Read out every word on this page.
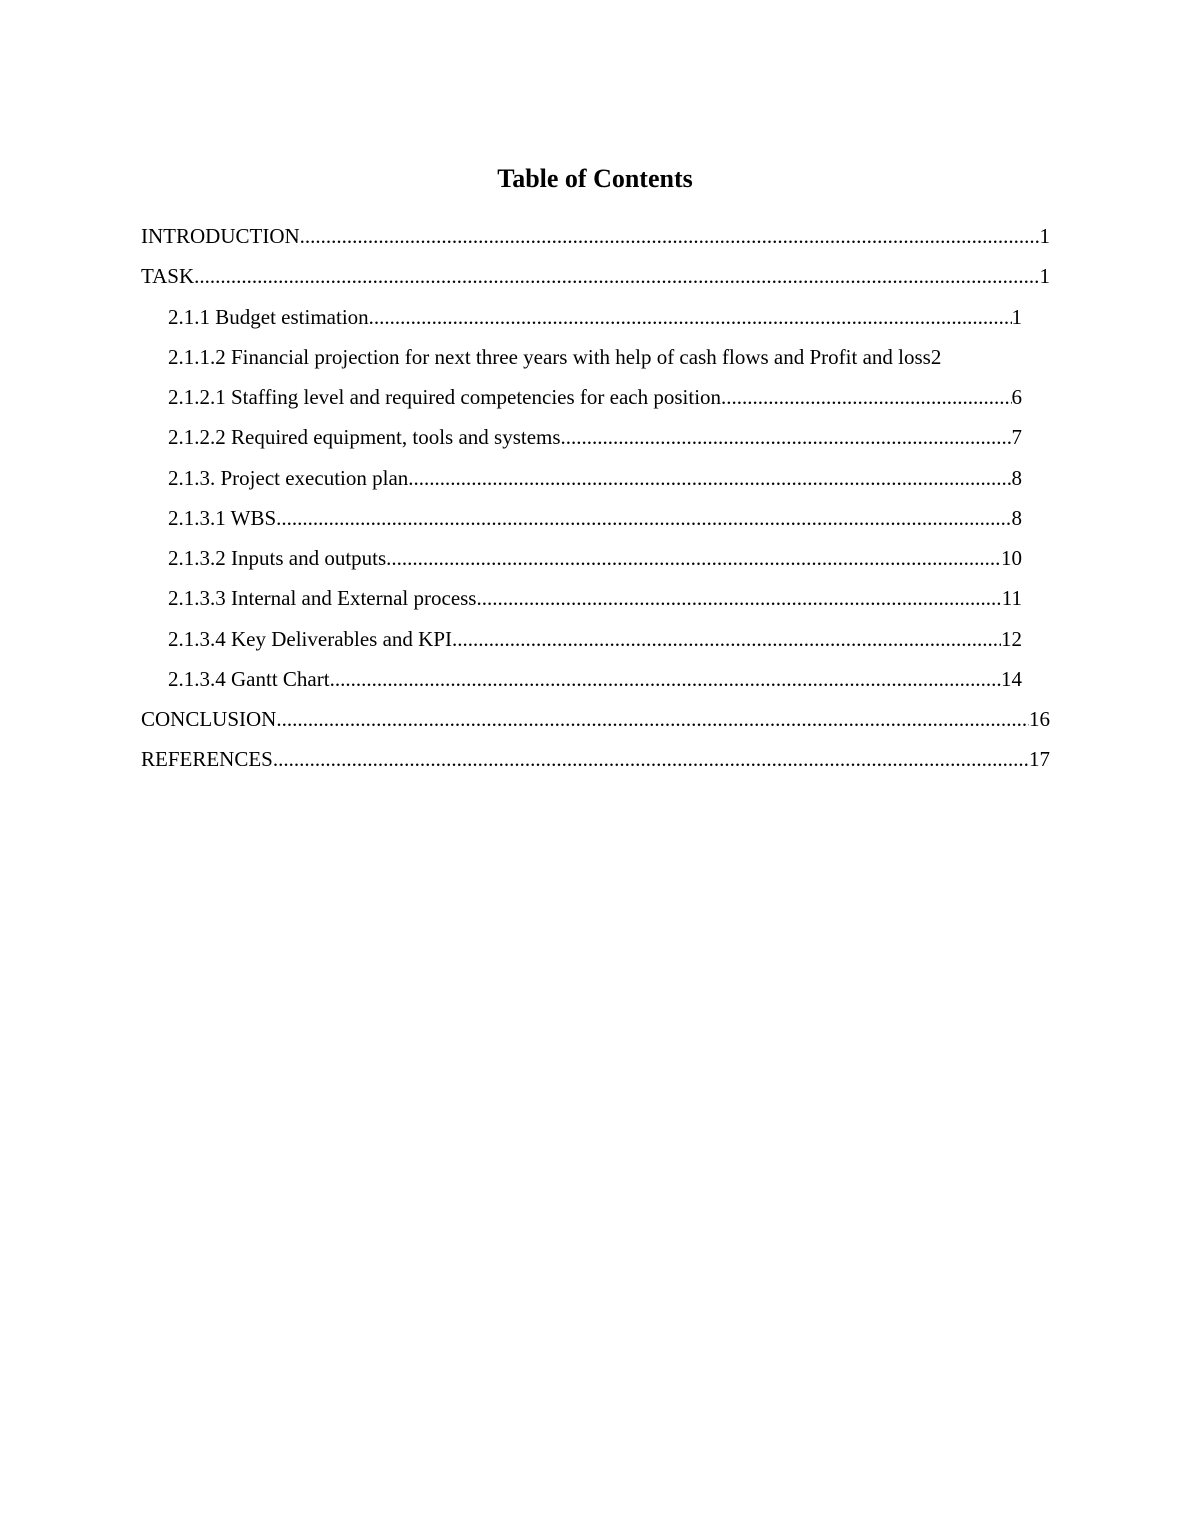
Table of Contents
INTRODUCTION .....	1
TASK .....	1
2.1.1 Budget estimation .....	1
2.1.1.2 Financial projection for next three years with help of cash flows and Profit and loss 2
2.1.2.1 Staffing level and required competencies for each position .....	6
2.1.2.2 Required equipment, tools and systems .....	7
2.1.3. Project execution plan .....	8
2.1.3.1 WBS .....	8
2.1.3.2 Inputs and outputs .....	10
2.1.3.3 Internal and External process .....	11
2.1.3.4 Key Deliverables and KPI .....	12
2.1.3.4 Gantt Chart .....	14
CONCLUSION .....	16
REFERENCES .....	17
